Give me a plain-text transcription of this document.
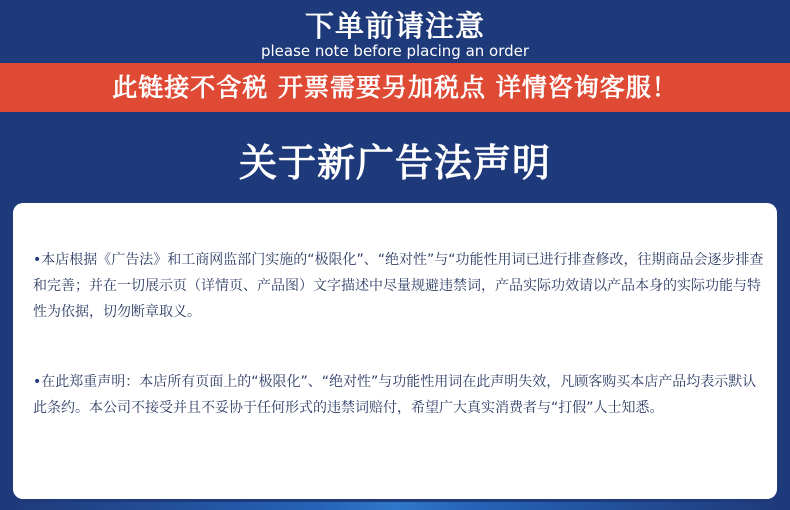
下单前请注意
please note before placing an order
此链接不含税 开票需要另加税点 详情咨询客服！
关于新广告法声明
•本店根据《广告法》和工商网监部门实施的“极限化”、“绝对性”与“功能性用词已进行排查修改，往期商品会逐步排查和完善；并在一切展示页（详情页、产品图）文字描述中尽量规避违禁词，产品实际功效请以产品本身的实际功能与特性为依据，切勿断章取义。
•在此郑重声明：本店所有页面上的“极限化”、“绝对性”与功能性用词在此声明失效，凡顾客购买本店产品均表示默认此条约。本公司不接受并且不妥协于任何形式的违禁词赔付，希望广大真实消费者与“打假”人士知悉。
